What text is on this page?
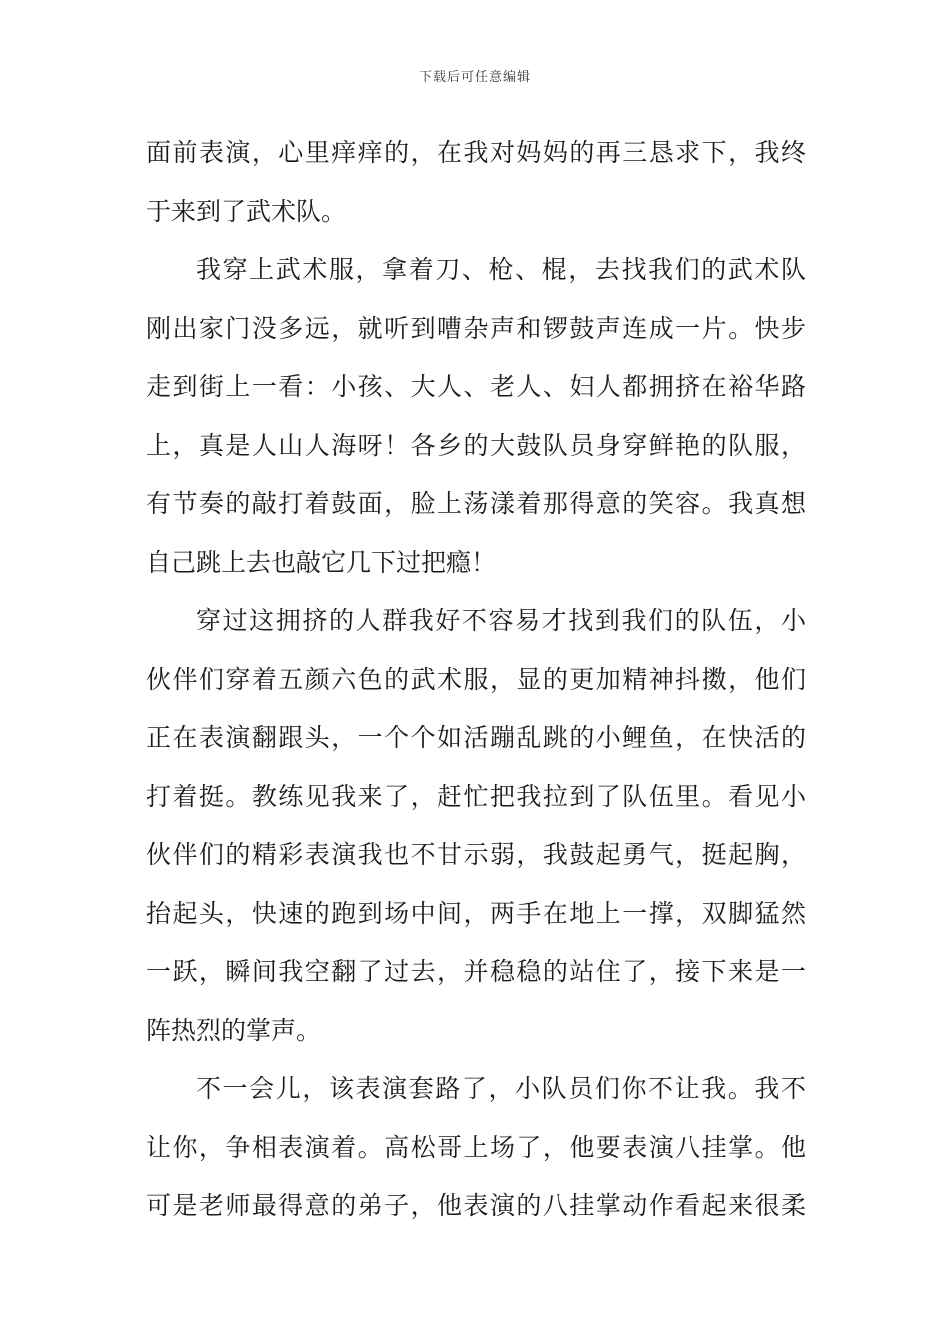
下载后可任意编辑
面前表演，心里痒痒的，在我对妈妈的再三恳求下，我终
于来到了武术队。
我穿上武术服，拿着刀、枪、棍，去找我们的武术队
刚出家门没多远，就听到嘈杂声和锣鼓声连成一片。快步
走到街上一看：小孩、大人、老人、妇人都拥挤在裕华路
上，真是人山人海呀！各乡的大鼓队员身穿鲜艳的队服，
有节奏的敲打着鼓面，脸上荡漾着那得意的笑容。我真想
自己跳上去也敲它几下过把瘾！
穿过这拥挤的人群我好不容易才找到我们的队伍，小
伙伴们穿着五颜六色的武术服，显的更加精神抖擞，他们
正在表演翻跟头，一个个如活蹦乱跳的小鲤鱼，在快活的
打着挺。教练见我来了，赶忙把我拉到了队伍里。看见小
伙伴们的精彩表演我也不甘示弱，我鼓起勇气，挺起胸，
抬起头，快速的跑到场中间，两手在地上一撑，双脚猛然
一跃，瞬间我空翻了过去，并稳稳的站住了，接下来是一
阵热烈的掌声。
不一会儿，该表演套路了，小队员们你不让我。我不
让你，争相表演着。高松哥上场了，他要表演八挂掌。他
可是老师最得意的弟子，他表演的八挂掌动作看起来很柔
